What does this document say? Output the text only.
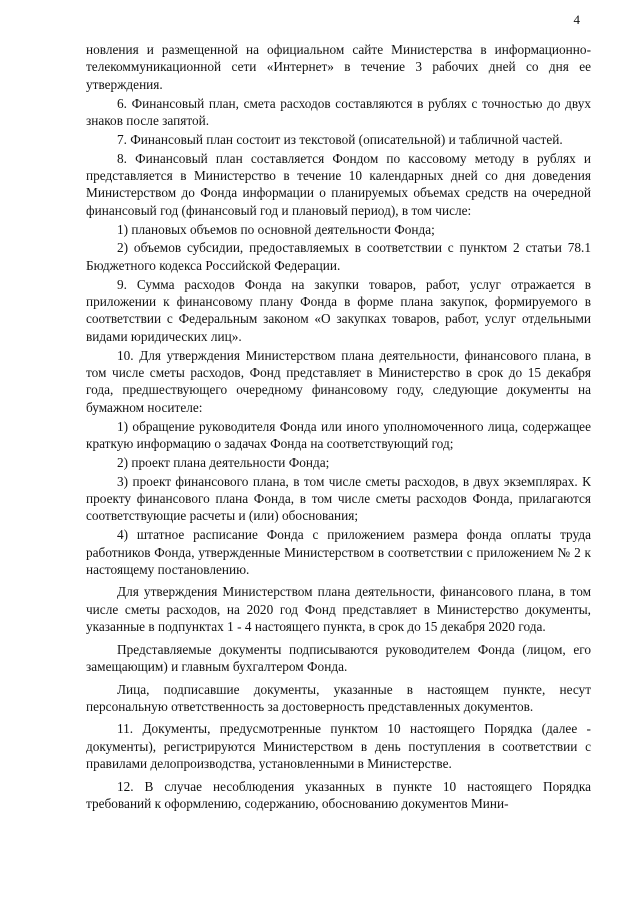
4

новления и размещенной на официальном сайте Министерства в информационно-телекоммуникационной сети «Интернет» в течение 3 рабочих дней со дня ее утверждения.

6. Финансовый план, смета расходов составляются в рублях с точностью до двух знаков после запятой.

7. Финансовый план состоит из текстовой (описательной) и табличной частей.

8. Финансовый план составляется Фондом по кассовому методу в рублях и представляется в Министерство в течение 10 календарных дней со дня доведения Министерством до Фонда информации о планируемых объемах средств на очередной финансовый год (финансовый год и плановый период), в том числе:

1) плановых объемов по основной деятельности Фонда;

2) объемов субсидии, предоставляемых в соответствии с пунктом 2 статьи 78.1 Бюджетного кодекса Российской Федерации.

9. Сумма расходов Фонда на закупки товаров, работ, услуг отражается в приложении к финансовому плану Фонда в форме плана закупок, формируемого в соответствии с Федеральным законом «О закупках товаров, работ, услуг отдельными видами юридических лиц».

10. Для утверждения Министерством плана деятельности, финансового плана, в том числе сметы расходов, Фонд представляет в Министерство в срок до 15 декабря года, предшествующего очередному финансовому году, следующие документы на бумажном носителе:

1) обращение руководителя Фонда или иного уполномоченного лица, содержащее краткую информацию о задачах Фонда на соответствующий год;

2) проект плана деятельности Фонда;

3) проект финансового плана, в том числе сметы расходов, в двух экземплярах. К проекту финансового плана Фонда, в том числе сметы расходов Фонда, прилагаются соответствующие расчеты и (или) обоснования;

4) штатное расписание Фонда с приложением размера фонда оплаты труда работников Фонда, утвержденные Министерством в соответствии с приложением № 2 к настоящему постановлению.

Для утверждения Министерством плана деятельности, финансового плана, в том числе сметы расходов, на 2020 год Фонд представляет в Министерство документы, указанные в подпунктах 1 - 4 настоящего пункта, в срок до 15 декабря 2020 года.

Представляемые документы подписываются руководителем Фонда (лицом, его замещающим) и главным бухгалтером Фонда.

Лица, подписавшие документы, указанные в настоящем пункте, несут персональную ответственность за достоверность представленных документов.

11. Документы, предусмотренные пунктом 10 настоящего Порядка (далее - документы), регистрируются Министерством в день поступления в соответствии с правилами делопроизводства, установленными в Министерстве.

12. В случае несоблюдения указанных в пункте 10 настоящего Порядка требований к оформлению, содержанию, обоснованию документов Мини-
